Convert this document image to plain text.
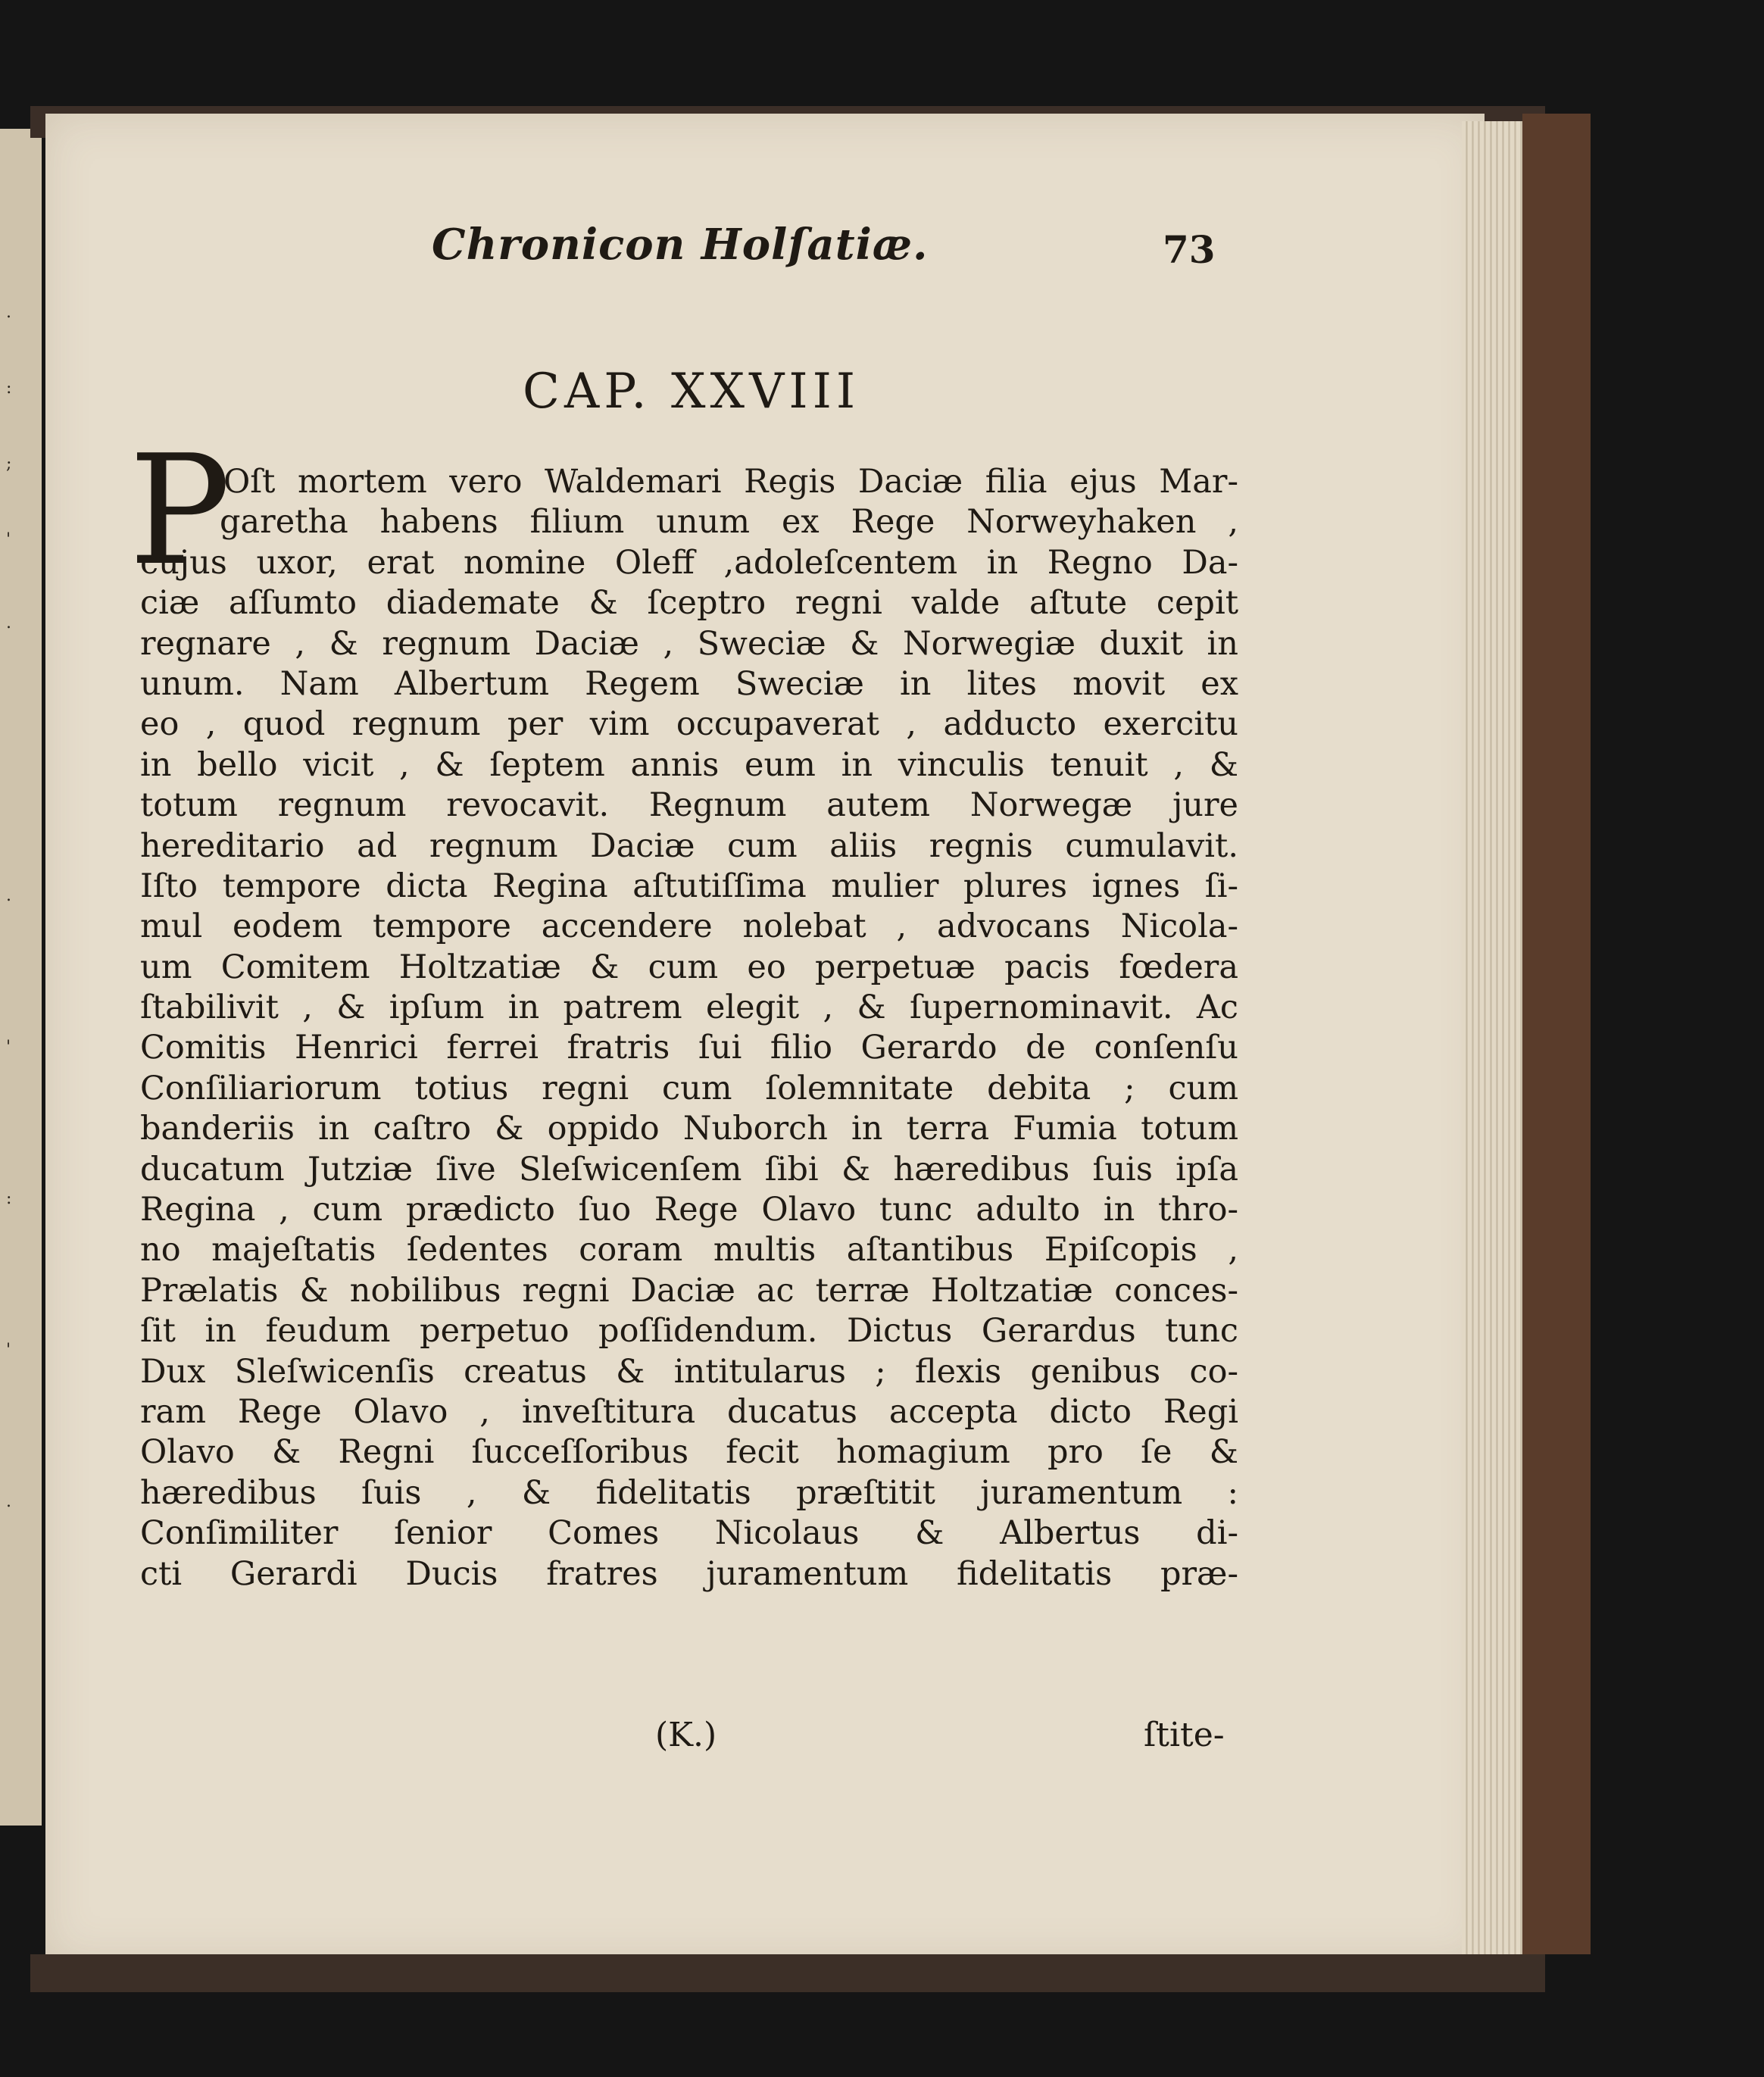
.
:
;
'
.
.
'
:
'
.
Chronicon Holſatiæ.	73
CAP. XXVIII
P
Oſt mortem vero Waldemari Regis Daciæ filia ejus Mar-
garetha habens filium unum ex Rege Norweyhaken ,
cujus uxor, erat nomine Oleff ,adoleſcentem in Regno Da-
ciæ aſſumto diademate & ſceptro regni valde aſtute cepit
regnare , & regnum Daciæ , Sweciæ & Norwegiæ duxit in
unum. Nam Albertum Regem Sweciæ in lites movit ex
eo , quod regnum per vim occupaverat , adducto exercitu
in bello vicit , & ſeptem annis eum in vinculis tenuit , &
totum regnum revocavit. Regnum autem Norwegæ jure
hereditario ad regnum Daciæ cum aliis regnis cumulavit.
Iſto tempore dicta Regina aſtutiſſima mulier plures ignes ſi-
mul eodem tempore accendere nolebat , advocans Nicola-
um Comitem Holtzatiæ & cum eo perpetuæ pacis fœdera
ſtabilivit , & ipſum in patrem elegit , & ſupernominavit. Ac
Comitis Henrici ferrei fratris ſui filio Gerardo de conſenſu
Conſiliariorum totius regni cum ſolemnitate debita ; cum
banderiis in caſtro & oppido Nuborch in terra Fumia totum
ducatum Jutziæ ſive Sleſwicenſem ſibi & hæredibus ſuis ipſa
Regina , cum prædicto ſuo Rege Olavo tunc adulto in thro-
no majeſtatis ſedentes coram multis aſtantibus Epiſcopis ,
Prælatis & nobilibus regni Daciæ ac terræ Holtzatiæ conces-
ſit in feudum perpetuo poſſidendum. Dictus Gerardus tunc
Dux Sleſwicenſis creatus & intitularus ; flexis genibus co-
ram Rege Olavo , inveſtitura ducatus accepta dicto Regi
Olavo & Regni ſucceſſoribus fecit homagium pro ſe &
hæredibus ſuis , & fidelitatis præſtitit juramentum :
Conſimiliter ſenior Comes Nicolaus & Albertus di-
cti Gerardi Ducis fratres juramentum fidelitatis præ-
(K.)	ſtite-
